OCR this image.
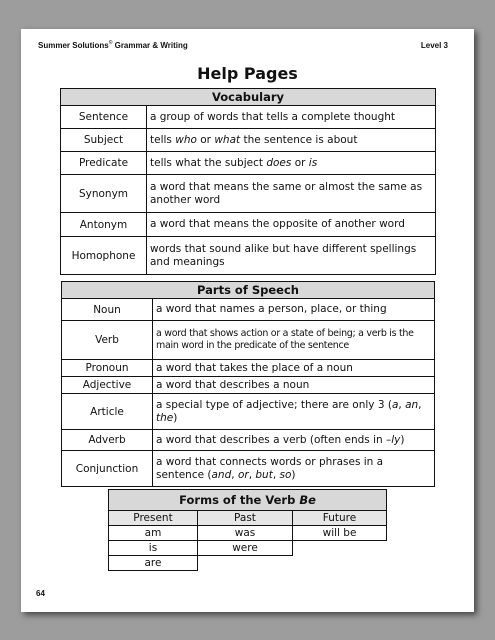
Summer Solutions© Grammar & Writing	Level 3
Help Pages
Vocabulary	
Sentence	a group of words that tells a complete thought
Subject	tells who or what the sentence is about
Predicate	tells what the subject does or is
Synonym	a word that means the same or almost the same as another word
Antonym	a word that means the opposite of another word
Homophone	words that sound alike but have different spellings and meanings
Parts of Speech	
Noun	a word that names a person, place, or thing
Verb	a word that shows action or a state of being; a verb is the main word in the predicate of the sentence
Pronoun	a word that takes the place of a noun
Adjective	a word that describes a noun
Article	a special type of adjective; there are only 3 (a, an, the)
Adverb	a word that describes a verb (often ends in –ly)
Conjunction	a word that connects words or phrases in a sentence (and, or, but, so)
Forms of the Verb Be		
Present	Past	Future
am	was	will be
is	were	
are		
64
